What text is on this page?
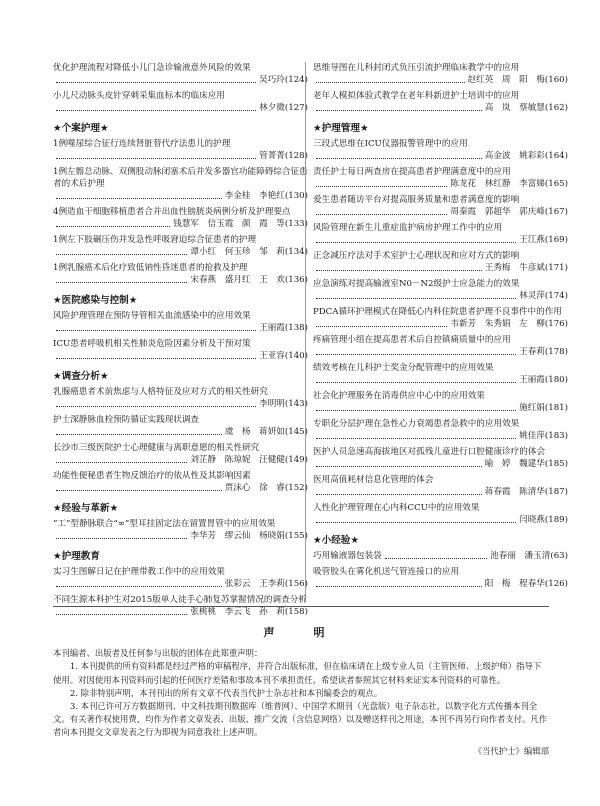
优化护理流程对降低小儿门急诊输液意外风险的效果
吴巧玲 (124)
小儿尺动脉头皮针穿刺采集血标本的临床应用
林夕微 (127)
★个案护理★
1例噬尿综合征行连续肾脏替代疗法患儿的护理
管菁菁 (128)
1例左髂总动脉、双侧股动脉闭塞术后并发多器官功能障碍综合征患者的术后护理
李金桂　李艳红 (130)
4例造血干细胞移植患者合并出血性膀胱炎病例分析及护理要点
钱慧军　信玉霞　颜　霞　等 (133)
1例左下肢碾压伤并发急性呼吸窘迫综合征患者的护理
谭小红　何玉珍　邹　莉 (134)
1例乳腺癌术后化疗致低钠性昏迷患者的抢救及护理
宋春燕　盛月红　王　欢 (136)
★医院感染与控制★
风险护理管理在预防导管相关血流感染中的应用效果
王丽霞 (138)
ICU患者呼吸机相关性肺炎危险因素分析及干预对策
王亚容 (140)
★调查分析★
乳腺癌患者术前焦虑与人格特征及应对方式的相关性研究
李明明 (143)
护士深静脉血栓预防循证实践现状调查
虞　杨　蒋妍如 (145)
长沙市三级医院护士心理健康与离职意愿的相关性研究
刘芷静　陈琼妮　汪健健 (149)
功能性便秘患者生物反馈治疗的依从性及其影响因素
贾沫心　徐　睿 (152)
★经验与革新★
“工”型静脉联合“∞”型耳挂固定法在留置胃管中的应用效果
李华芳　缪云仙　杨晓娟 (155)
★护理教育
实习生图解日记在护理带教工作中的应用效果
张彩云　王李莉 (156)
不同生源本科护生对2015版单人徒手心肺复苏掌握情况的调查分析
张桃桃　李云飞　孙　莉 (158)
思维导图在儿科封闭式负压引流护理临床教学中的应用
赵红英　周　阳　梅 (160)
老年人模拟体验式教学在老年科新进护士培训中的应用
高　岚　蔡敏慧 (162)
★护理管理★
三段式思维在ICU仪器报警管理中的应用
高金波　姚彩彩 (164)
责任护士每日两查房在提高患者护理满意度中的应用
陈龙花　林红静　李富娣 (165)
爱生患者随访平台对提高服务质量和患者满意度的影响
周秦霞　郭超华　郭庆峰 (167)
风险管理在新生儿重症监护病房护理工作中的应用
王江燕 (169)
正念减压疗法对手术室护士心理状况和应对方式的影响
王秀梅　牛彦斌 (171)
应急演练对提高输液室N0－N2级护士应急能力的效果
林灵萍 (174)
PDCA循环护理模式在降低心内科住院患者护理不良事件中的作用
韦新芳　朱秀娟　左　柳 (176)
疼痛管理小组在提高患者术后自控镇痛质量中的应用
王春莉 (178)
绩效考核在儿科护士奖金分配管理中的应用效果
王丽霞 (180)
社会化护理服务在消毒供应中心中的应用效果
施红娟 (181)
专职化分层护理在急性心力衰竭患者急救中的应用效果
姚佳萍 (183)
医护人员急速高海拔地区对孤残儿童进行口腔健康诊疗的体会
喻　婷　魏建华 (185)
医用高值耗材信息化管理的体会
蒋春霞　陈清华 (187)
人性化护理管理在心内科CCU中的应用效果
闫晓燕 (189)
★小经验★
巧用输液器包装袋	池春丽　潘玉清 (63)
吸管胶头在雾化机送气管连接口的应用
阳　梅　程春华 (126)
声　明

本刊编者、出版者及任何参与出版的团体在此郑重声明：

1. 本刊提供的所有资料都是经过严格的审稿程序，并符合出版标准，但在临床请在上级专业人员（主管医师、上级护师）指导下使用。对因使用本刊资料而引起的任何医疗差错和事故本刊不承担责任。希望读者参照其它材料来证实本刊资料的可靠性。

2. 除非特别声明，本刊刊出的所有文章不代表当代护士杂志社和本刊编委会的观点。

3. 本刊已许可万方数据期刊、中文科技期刊数据库（维普网）、中国学术期刊（光盘版）电子杂志社，以数字化方式传播本刊全文。有关著作权使用费，均作为作者文章发表、出版、推广交流（含信息网络）以及赠送样刊之用途，本刊不再另行向作者支付。凡作者向本刊提交文章发表之行为即视为同意我社上述声明。

《当代护士》编辑部
